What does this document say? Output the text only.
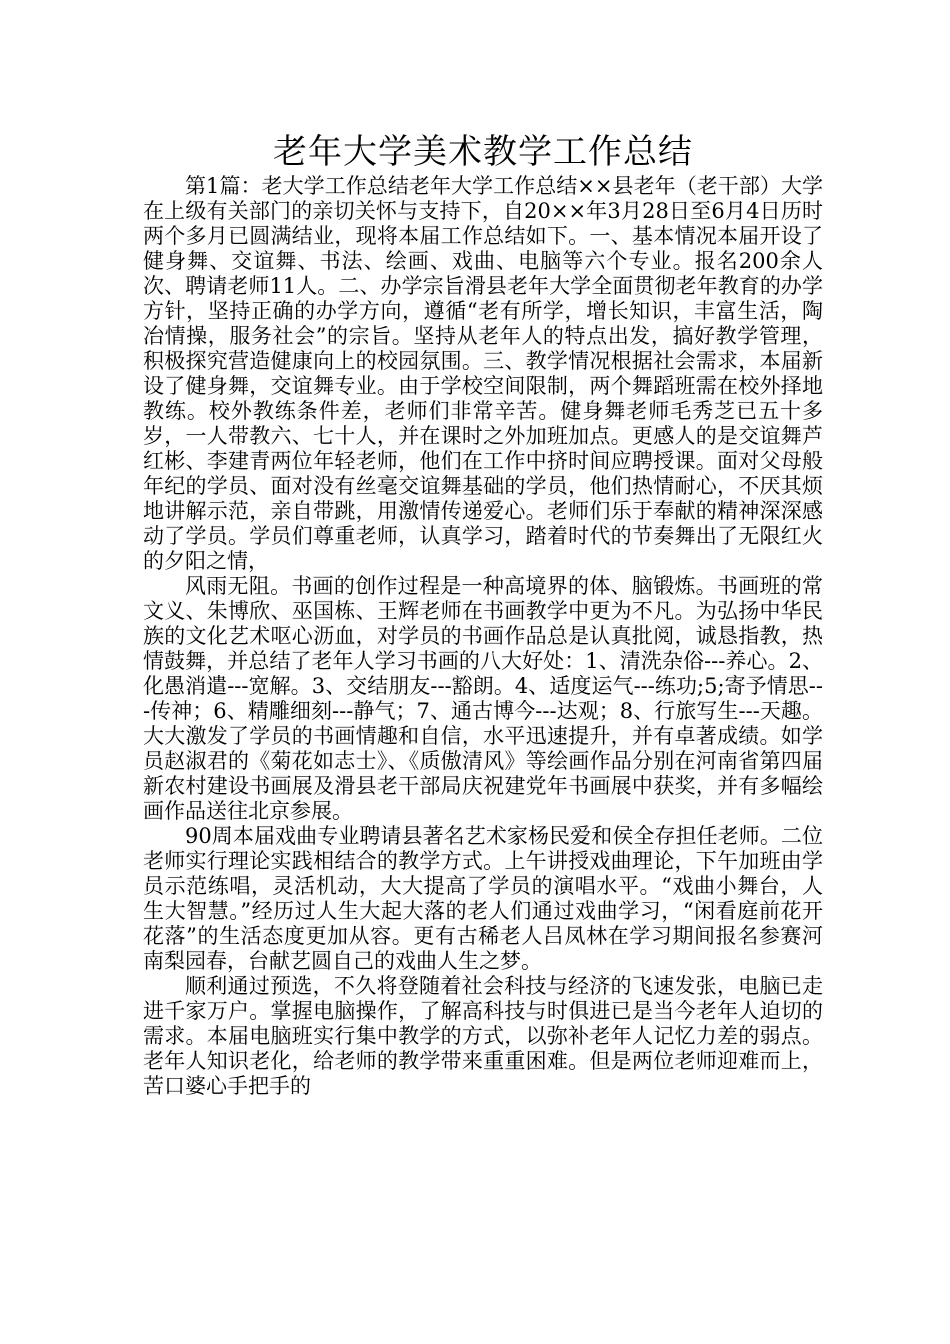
老年大学美术教学工作总结

第1篇：老大学工作总结老年大学工作总结××县老年（老干部）大学在上级有关部门的亲切关怀与支持下，自20××年3月28日至6月4日历时两个多月已圆满结业，现将本届工作总结如下。一、基本情况本届开设了健身舞、交谊舞、书法、绘画、戏曲、电脑等六个专业。报名200余人次、聘请老师11人。二、办学宗旨滑县老年大学全面贯彻老年教育的办学方针，坚持正确的办学方向，遵循“老有所学，增长知识，丰富生活，陶冶情操，服务社会”的宗旨。坚持从老年人的特点出发，搞好教学管理，积极探究营造健康向上的校园氛围。三、教学情况根据社会需求，本届新设了健身舞，交谊舞专业。由于学校空间限制，两个舞蹈班需在校外择地教练。校外教练条件差，老师们非常辛苦。健身舞老师毛秀芝已五十多岁，一人带教六、七十人，并在课时之外加班加点。更感人的是交谊舞芦红彬、李建青两位年轻老师，他们在工作中挤时间应聘授课。面对父母般年纪的学员、面对没有丝毫交谊舞基础的学员，他们热情耐心，不厌其烦地讲解示范，亲自带跳，用激情传递爱心。老师们乐于奉献的精神深深感动了学员。学员们尊重老师，认真学习，踏着时代的节奏舞出了无限红火的夕阳之情，

风雨无阻。书画的创作过程是一种高境界的体、脑锻炼。书画班的常文义、朱博欣、巫国栋、王辉老师在书画教学中更为不凡。为弘扬中华民族的文化艺术呕心沥血，对学员的书画作品总是认真批阅，诚恳指教，热情鼓舞，并总结了老年人学习书画的八大好处：1、清洗杂俗---养心。2、化愚消遣---宽解。3、交结朋友---豁朗。4、适度运气---练功;5;寄予情思---传神；6、精雕细刻---静气；7、通古博今---达观；8、行旅写生---天趣。大大激发了学员的书画情趣和自信，水平迅速提升，并有卓著成绩。如学员赵淑君的《菊花如志士》、《质傲清风》等绘画作品分别在河南省第四届新农村建设书画展及滑县老干部局庆祝建党年书画展中获奖，并有多幅绘画作品送往北京参展。

90周本届戏曲专业聘请县著名艺术家杨民爱和侯全存担任老师。二位老师实行理论实践相结合的教学方式。上午讲授戏曲理论，下午加班由学员示范练唱，灵活机动，大大提高了学员的演唱水平。“戏曲小舞台，人生大智慧。”经历过人生大起大落的老人们通过戏曲学习，“闲看庭前花开花落”的生活态度更加从容。更有古稀老人吕凤林在学习期间报名参赛河南梨园春，台献艺圆自己的戏曲人生之梦。

顺利通过预选，不久将登随着社会科技与经济的飞速发张，电脑已走进千家万户。掌握电脑操作，了解高科技与时俱进已是当今老年人迫切的需求。本届电脑班实行集中教学的方式，以弥补老年人记忆力差的弱点。老年人知识老化，给老师的教学带来重重困难。但是两位老师迎难而上，苦口婆心手把手的
